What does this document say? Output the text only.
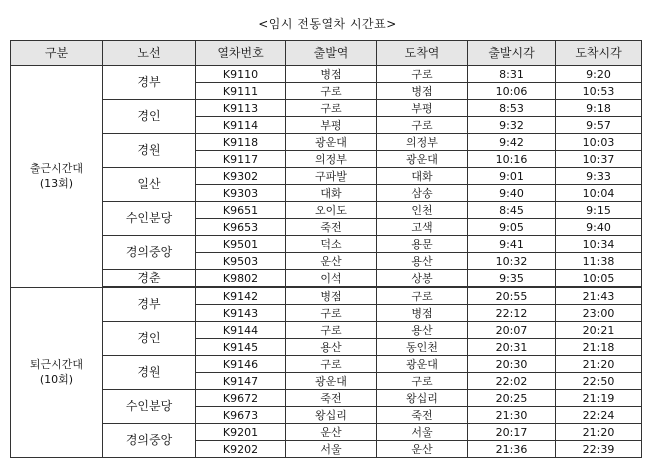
<임시 전동열차 시간표>
구분	노선	열차번호	출발역	도착역	출발시각	도착시각

출근시간대
(13회)	경부	K9110	병점	구로	8:31	9:20
		K9111	구로	병점	10:06	10:53
	경인	K9113	구로	부평	8:53	9:18
		K9114	부평	구로	9:32	9:57
	경원	K9118	광운대	의정부	9:42	10:03
		K9117	의정부	광운대	10:16	10:37
	일산	K9302	구파발	대화	9:01	9:33
		K9303	대화	삼송	9:40	10:04
	수인분당	K9651	오이도	인천	8:45	9:15
		K9653	죽전	고색	9:05	9:40
	경의중앙	K9501	덕소	용문	9:41	10:34
		K9503	운산	용산	10:32	11:38
	경춘	K9802	이석	상봉	9:35	10:05

퇴근시간대
(10회)	경부	K9142	병점	구로	20:55	21:43
		K9143	구로	병점	22:12	23:00
	경인	K9144	구로	용산	20:07	20:21
		K9145	용산	동인천	20:31	21:18
	경원	K9146	구로	광운대	20:30	21:20
		K9147	광운대	구로	22:02	22:50
	수인분당	K9672	죽전	왕십리	20:25	21:19
		K9673	왕십리	죽전	21:30	22:24
	경의중앙	K9201	운산	서울	20:17	21:20
		K9202	서울	운산	21:36	22:39
